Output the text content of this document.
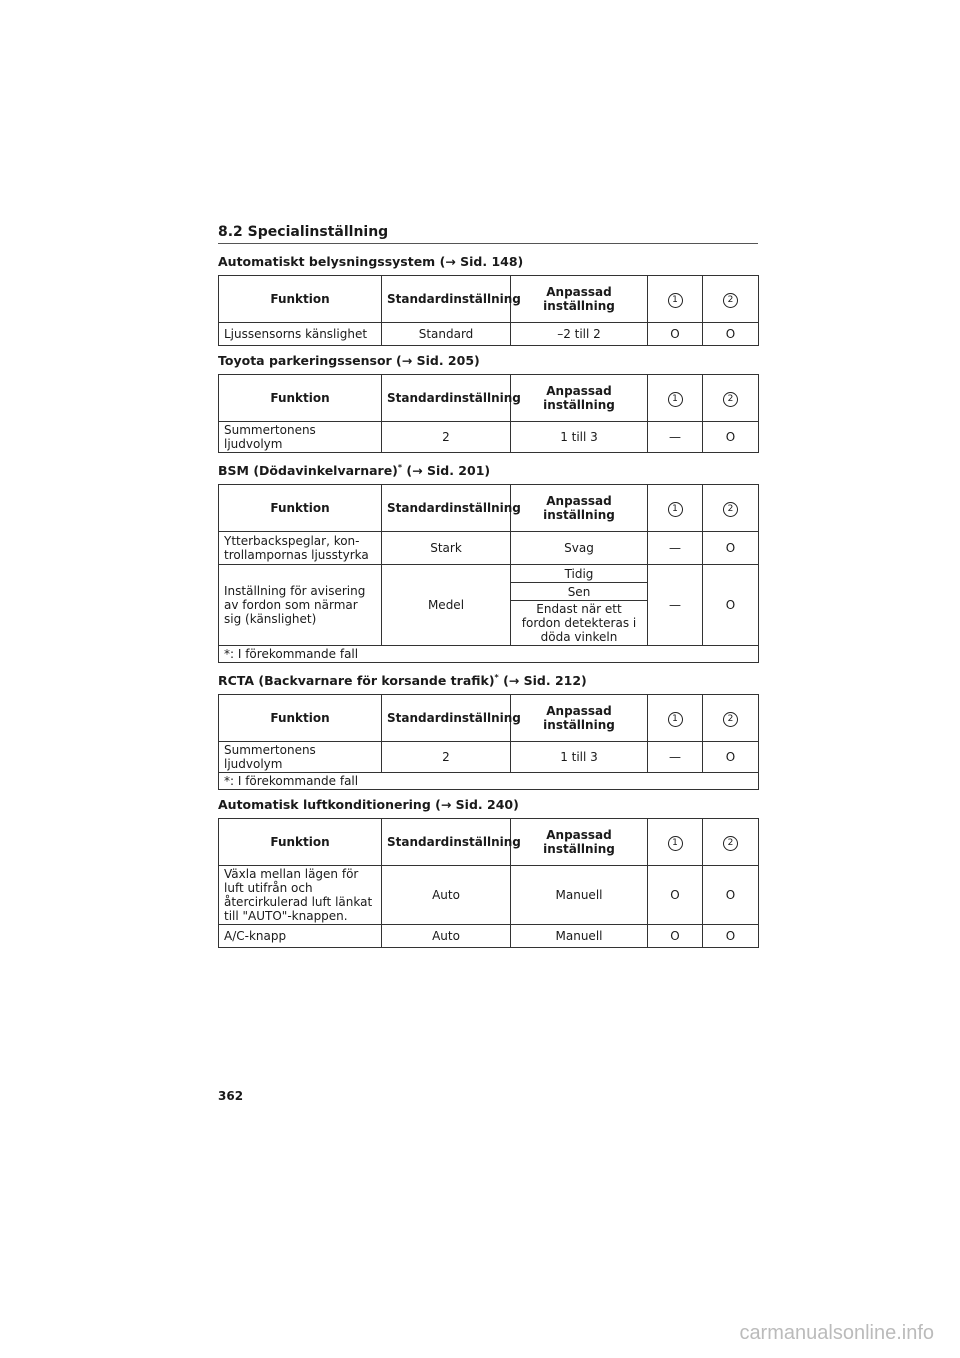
8.2 Specialinställning
Automatiskt belysningssystem (→ Sid. 148)
Funktion	Standardinställning	Anpassad inställning	1	2
Ljussensorns känslighet	Standard	–2 till 2	O	O
Toyota parkeringssensor (→ Sid. 205)
Funktion	Standardinställning	Anpassad inställning	1	2
Summertonens ljudvolym	2	1 till 3	—	O
BSM (Dödavinkelvarnare)* (→ Sid. 201)
Funktion	Standardinställning	Anpassad inställning	1	2
Ytterbackspeglar, kon-
trollampornas ljusstyrka	Stark	Svag	—	O
Inställning för avisering av fordon som närmar sig (känslighet)	Medel	Tidig	—	O
		Sen		
		Endast när ett fordon detekteras i döda vinkeln		
*: I förekommande fall				
RCTA (Backvarnare för korsande trafik)* (→ Sid. 212)
Funktion	Standardinställning	Anpassad inställning	1	2
Summertonens ljudvolym	2	1 till 3	—	O
*: I förekommande fall				
Automatisk luftkonditionering (→ Sid. 240)
Funktion	Standardinställning	Anpassad inställning	1	2
Växla mellan lägen för luft utifrån och återcirkulerad luft länkat till "AUTO"-knappen.	Auto	Manuell	O	O
A/C-knapp	Auto	Manuell	O	O
362
carmanualsonline.info
